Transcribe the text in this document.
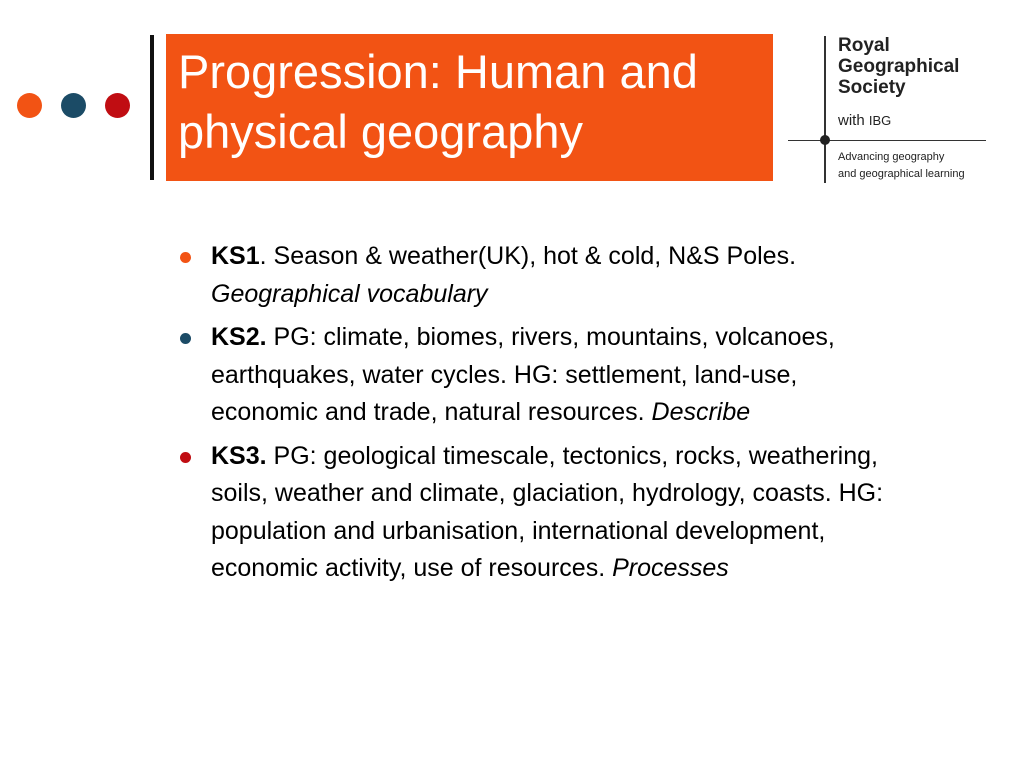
Progression: Human and
physical geography
Royal
Geographical
Society
with IBG
Advancing geography
and geographical learning
KS1. Season & weather(UK), hot & cold, N&S Poles. Geographical vocabulary
KS2. PG: climate, biomes, rivers, mountains, volcanoes, earthquakes, water cycles. HG: settlement, land-use, economic and trade, natural resources. Describe
KS3. PG: geological timescale, tectonics, rocks, weathering, soils, weather and climate, glaciation, hydrology, coasts. HG: population and urbanisation, international development, economic activity, use of resources. Processes
